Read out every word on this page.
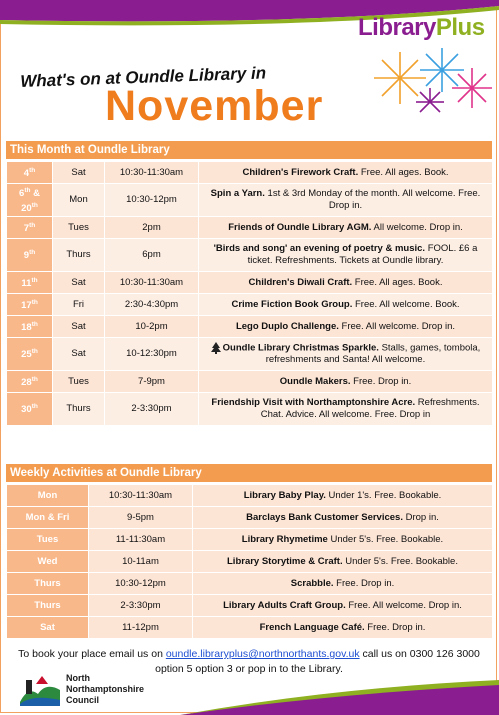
LibraryPlus
What's on at Oundle Library in
November
This Month at Oundle Library
4th	Sat	10:30-11:30am	Children's Firework Craft. Free. All ages. Book.
6th &
20th	Mon	10:30-12pm	Spin a Yarn. 1st & 3rd Monday of the month. All welcome. Free. Drop in.
7th	Tues	2pm	Friends of Oundle Library AGM. All welcome. Drop in.
9th	Thurs	6pm	'Birds and song' an evening of poetry & music. FOOL. £6 a ticket. Refreshments. Tickets at Oundle library.
11th	Sat	10:30-11:30am	Children's Diwali Craft. Free. All ages. Book.
17th	Fri	2:30-4:30pm	Crime Fiction Book Group. Free. All welcome. Book.
18th	Sat	10-2pm	Lego Duplo Challenge. Free. All welcome. Drop in.
25th	Sat	10-12:30pm	Oundle Library Christmas Sparkle. Stalls, games, tombola, refreshments and Santa! All welcome.
28th	Tues	7-9pm	Oundle Makers. Free. Drop in.
30th	Thurs	2-3:30pm	Friendship Visit with Northamptonshire Acre. Refreshments. Chat. Advice. All welcome. Free. Drop in
Weekly Activities at Oundle Library
Mon	10:30-11:30am	Library Baby Play. Under 1's. Free. Bookable.
Mon & Fri	9-5pm	Barclays Bank Customer Services. Drop in.
Tues	11-11:30am	Library Rhymetime Under 5's. Free. Bookable.
Wed	10-11am	Library Storytime & Craft. Under 5's. Free. Bookable.
Thurs	10:30-12pm	Scrabble. Free. Drop in.
Thurs	2-3:30pm	Library Adults Craft Group. Free. All welcome. Drop in.
Sat	11-12pm	French Language Café. Free. Drop in.
To book your place email us on oundle.libraryplus@northnorthants.gov.uk call us on 0300 126 3000 option 5 option 3 or pop in to the Library.
North
Northamptonshire
Council
